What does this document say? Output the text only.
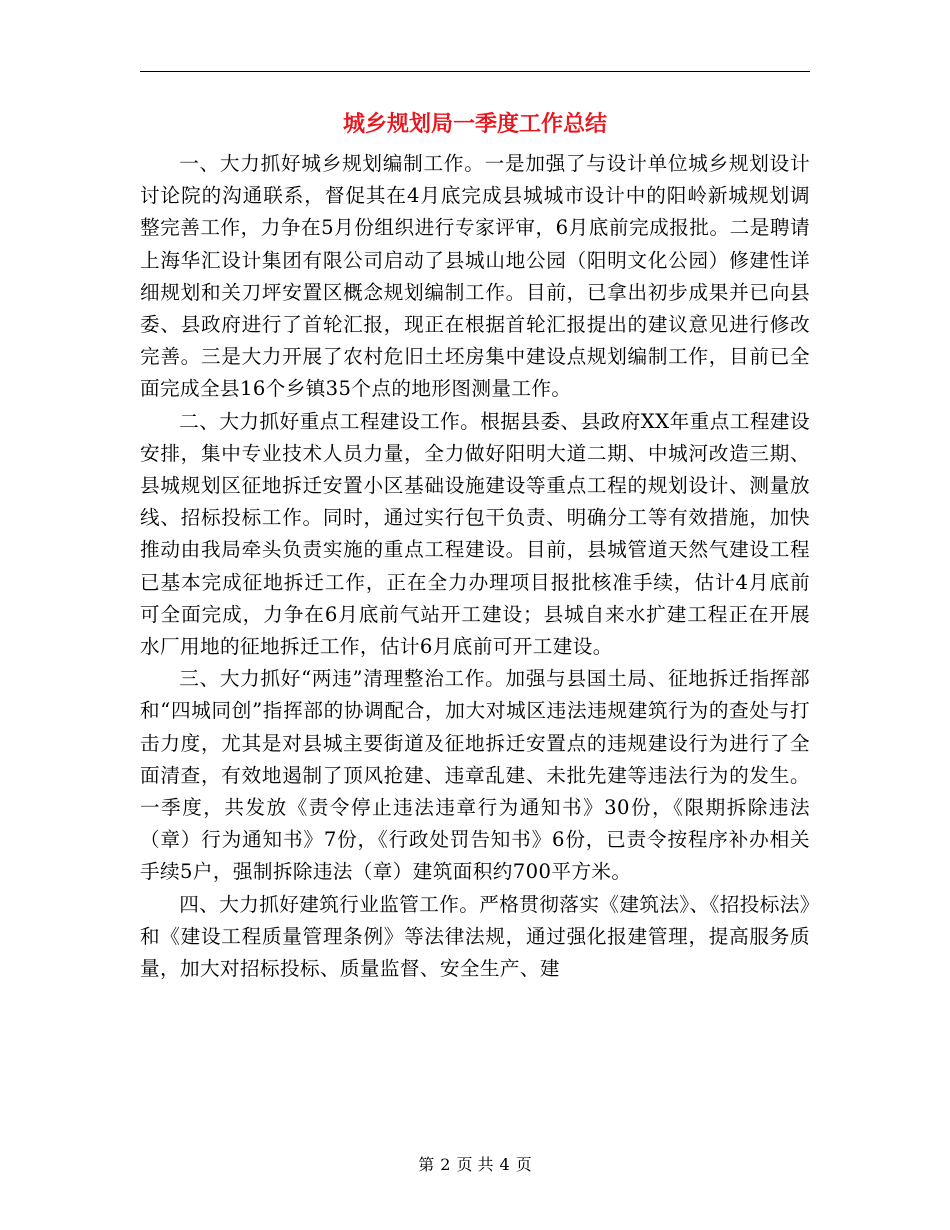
城乡规划局一季度工作总结

一、大力抓好城乡规划编制工作。一是加强了与设计单位城乡规划设计讨论院的沟通联系，督促其在4月底完成县城城市设计中的阳岭新城规划调整完善工作，力争在5月份组织进行专家评审，6月底前完成报批。二是聘请上海华汇设计集团有限公司启动了县城山地公园（阳明文化公园）修建性详细规划和关刀坪安置区概念规划编制工作。目前，已拿出初步成果并已向县委、县政府进行了首轮汇报，现正在根据首轮汇报提出的建议意见进行修改完善。三是大力开展了农村危旧土坯房集中建设点规划编制工作，目前已全面完成全县16个乡镇35个点的地形图测量工作。

二、大力抓好重点工程建设工作。根据县委、县政府XX年重点工程建设安排，集中专业技术人员力量，全力做好阳明大道二期、中城河改造三期、县城规划区征地拆迁安置小区基础设施建设等重点工程的规划设计、测量放线、招标投标工作。同时，通过实行包干负责、明确分工等有效措施，加快推动由我局牵头负责实施的重点工程建设。目前，县城管道天然气建设工程已基本完成征地拆迁工作，正在全力办理项目报批核准手续，估计4月底前可全面完成，力争在6月底前气站开工建设；县城自来水扩建工程正在开展水厂用地的征地拆迁工作，估计6月底前可开工建设。

三、大力抓好“两违”清理整治工作。加强与县国土局、征地拆迁指挥部和“四城同创”指挥部的协调配合，加大对城区违法违规建筑行为的查处与打击力度，尤其是对县城主要街道及征地拆迁安置点的违规建设行为进行了全面清查，有效地遏制了顶风抢建、违章乱建、未批先建等违法行为的发生。一季度，共发放《责令停止违法违章行为通知书》30份，《限期拆除违法（章）行为通知书》7份，《行政处罚告知书》6份，已责令按程序补办相关手续5户，强制拆除违法（章）建筑面积约700平方米。

四、大力抓好建筑行业监管工作。严格贯彻落实《建筑法》、《招投标法》和《建设工程质量管理条例》等法律法规，通过强化报建管理，提高服务质量，加大对招标投标、质量监督、安全生产、建

第 2 页 共 4 页
